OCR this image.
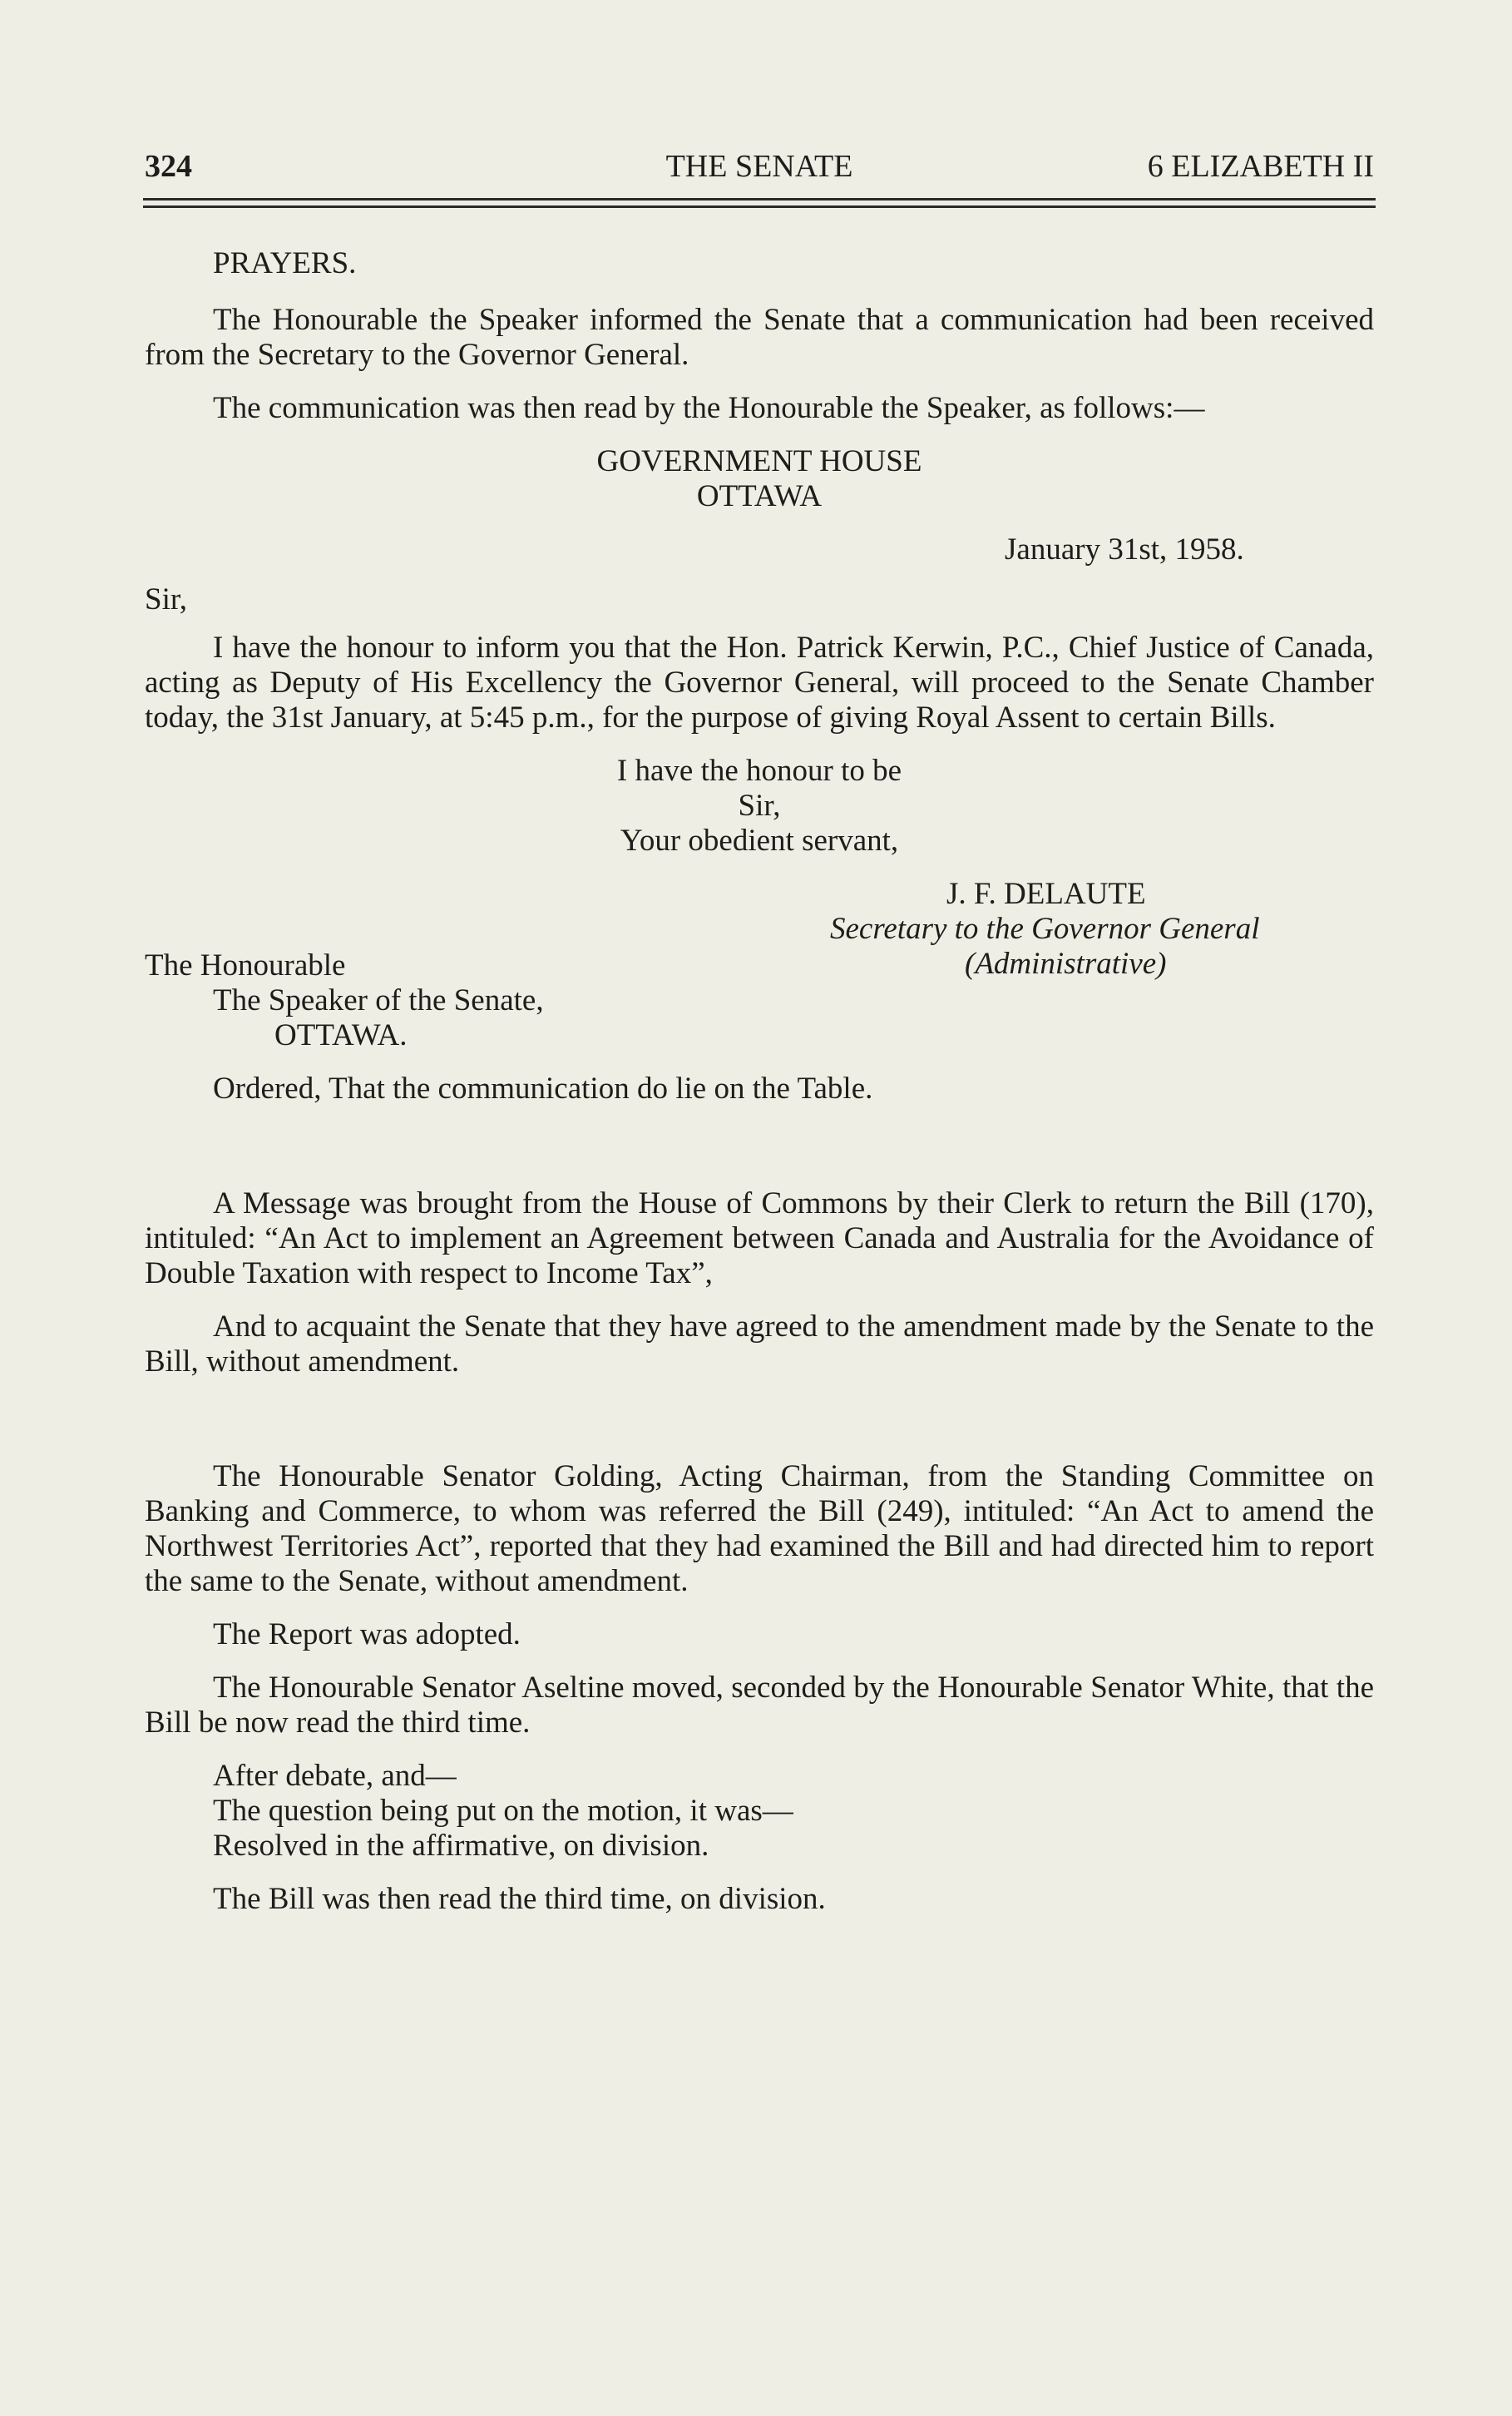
324	THE SENATE	6 ELIZABETH II

PRAYERS.

The Honourable the Speaker informed the Senate that a communication had been received from the Secretary to the Governor General.

The communication was then read by the Honourable the Speaker, as follows:—

GOVERNMENT HOUSE

OTTAWA

January 31st, 1958.

Sir,

I have the honour to inform you that the Hon. Patrick Kerwin, P.C., Chief Justice of Canada, acting as Deputy of His Excellency the Governor General, will proceed to the Senate Chamber today, the 31st January, at 5:45 p.m., for the purpose of giving Royal Assent to certain Bills.

I have the honour to be

Sir,

Your obedient servant,

J. F. DELAUTE

Secretary to the Governor General

(Administrative)

The Honourable

The Speaker of the Senate,

OTTAWA.

Ordered, That the communication do lie on the Table.

A Message was brought from the House of Commons by their Clerk to return the Bill (170), intituled: “An Act to implement an Agreement between Canada and Australia for the Avoidance of Double Taxation with respect to Income Tax”,

And to acquaint the Senate that they have agreed to the amendment made by the Senate to the Bill, without amendment.

The Honourable Senator Golding, Acting Chairman, from the Standing Committee on Banking and Commerce, to whom was referred the Bill (249), intituled: “An Act to amend the Northwest Territories Act”, reported that they had examined the Bill and had directed him to report the same to the Senate, without amendment.

The Report was adopted.

The Honourable Senator Aseltine moved, seconded by the Honourable Senator White, that the Bill be now read the third time.

After debate, and—

The question being put on the motion, it was—

Resolved in the affirmative, on division.

The Bill was then read the third time, on division.
